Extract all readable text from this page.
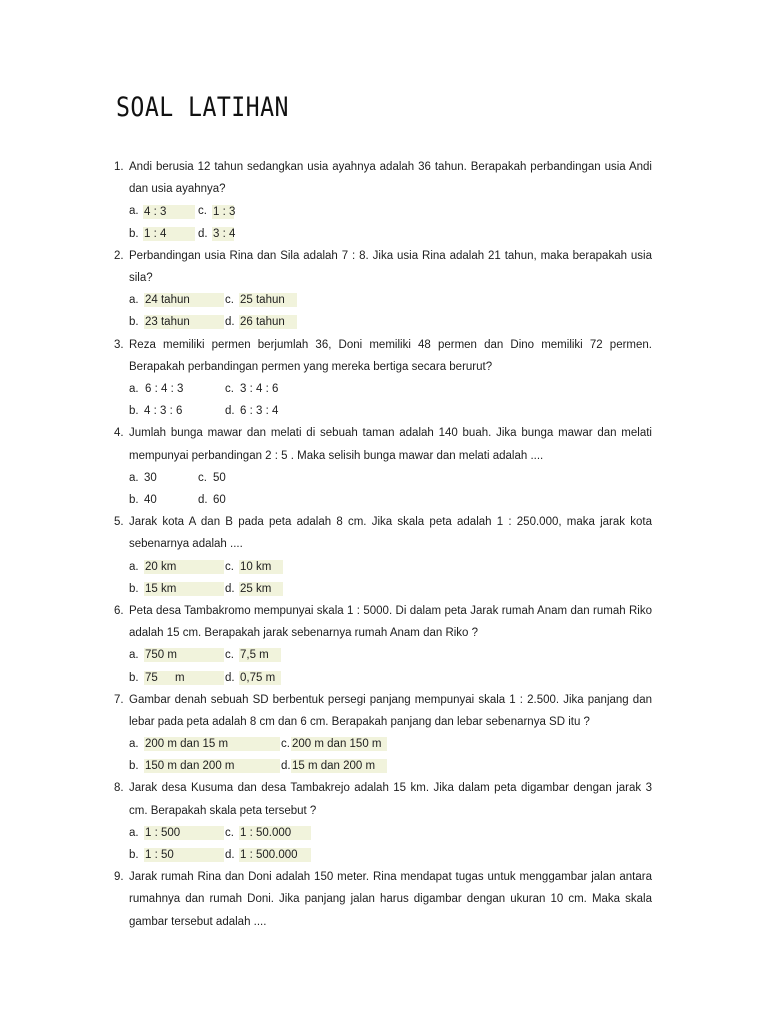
SOAL LATIHAN
1. Andi berusia 12 tahun sedangkan usia ayahnya adalah 36 tahun. Berapakah perbandingan usia Andi dan usia ayahnya?
a. 4 : 3	c. 1 : 3
b. 1 : 4	d. 3 : 4
2. Perbandingan usia Rina dan Sila adalah 7 : 8. Jika usia Rina adalah 21 tahun, maka berapakah usia sila?
a. 24 tahun	c. 25 tahun
b. 23 tahun	d. 26 tahun
3. Reza memiliki permen berjumlah 36, Doni memiliki 48 permen dan Dino memiliki 72 permen. Berapakah perbandingan permen yang mereka bertiga secara berurut?
a. 6 : 4 : 3	c. 3 : 4 : 6
b. 4 : 3 : 6	d. 6 : 3 : 4
4. Jumlah bunga mawar dan melati di sebuah taman adalah 140 buah. Jika bunga mawar dan melati mempunyai perbandingan 2 : 5 . Maka selisih bunga mawar dan melati adalah ....
a. 30	c. 50
b. 40	d. 60
5. Jarak kota A dan B pada peta adalah 8 cm. Jika skala peta adalah 1 : 250.000, maka jarak kota sebenarnya adalah ....
a. 20 km	c. 10 km
b. 15 km	d. 25 km
6. Peta desa Tambakromo mempunyai skala 1 : 5000. Di dalam peta Jarak rumah Anam dan rumah Riko adalah 15 cm. Berapakah jarak sebenarnya rumah Anam dan Riko ?
a. 750 m	c. 7,5 m
b. 75 m	d. 0,75 m
7. Gambar denah sebuah SD berbentuk persegi panjang mempunyai skala 1 : 2.500. Jika panjang dan lebar pada peta adalah 8 cm dan 6 cm. Berapakah panjang dan lebar sebenarnya SD itu ?
a. 200 m dan 15 m	c. 200 m dan 150 m
b. 150 m dan 200 m	d. 15 m dan 200 m
8. Jarak desa Kusuma dan desa Tambakrejo adalah 15 km. Jika dalam peta digambar dengan jarak 3 cm. Berapakah skala peta tersebut ?
a. 1 : 500	c. 1 : 50.000
b. 1 : 50	d. 1 : 500.000
9. Jarak rumah Rina dan Doni adalah 150 meter. Rina mendapat tugas untuk menggambar jalan antara rumahnya dan rumah Doni. Jika panjang jalan harus digambar dengan ukuran 10 cm. Maka skala gambar tersebut adalah ....
